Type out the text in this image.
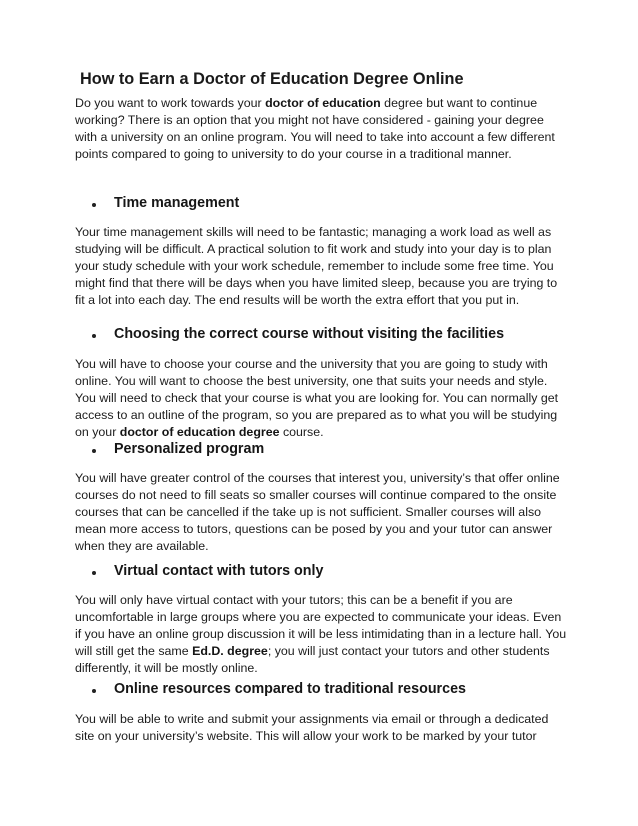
How to Earn a Doctor of Education Degree Online

Do you want to work towards your doctor of education degree but want to continue working? There is an option that you might not have considered - gaining your degree with a university on an online program. You will need to take into account a few different points compared to going to university to do your course in a traditional manner.

Time management

Your time management skills will need to be fantastic; managing a work load as well as studying will be difficult. A practical solution to fit work and study into your day is to plan your study schedule with your work schedule, remember to include some free time. You might find that there will be days when you have limited sleep, because you are trying to fit a lot into each day. The end results will be worth the extra effort that you put in.

Choosing the correct course without visiting the facilities

You will have to choose your course and the university that you are going to study with online. You will want to choose the best university, one that suits your needs and style. You will need to check that your course is what you are looking for. You can normally get access to an outline of the program, so you are prepared as to what you will be studying on your doctor of education degree course.

Personalized program

You will have greater control of the courses that interest you, university’s that offer online courses do not need to fill seats so smaller courses will continue compared to the onsite courses that can be cancelled if the take up is not sufficient. Smaller courses will also mean more access to tutors, questions can be posed by you and your tutor can answer when they are available.

Virtual contact with tutors only

You will only have virtual contact with your tutors; this can be a benefit if you are uncomfortable in large groups where you are expected to communicate your ideas. Even if you have an online group discussion it will be less intimidating than in a lecture hall. You will still get the same Ed.D. degree; you will just contact your tutors and other students differently, it will be mostly online.

Online resources compared to traditional resources

You will be able to write and submit your assignments via email or through a dedicated site on your university’s website. This will allow your work to be marked by your tutor
